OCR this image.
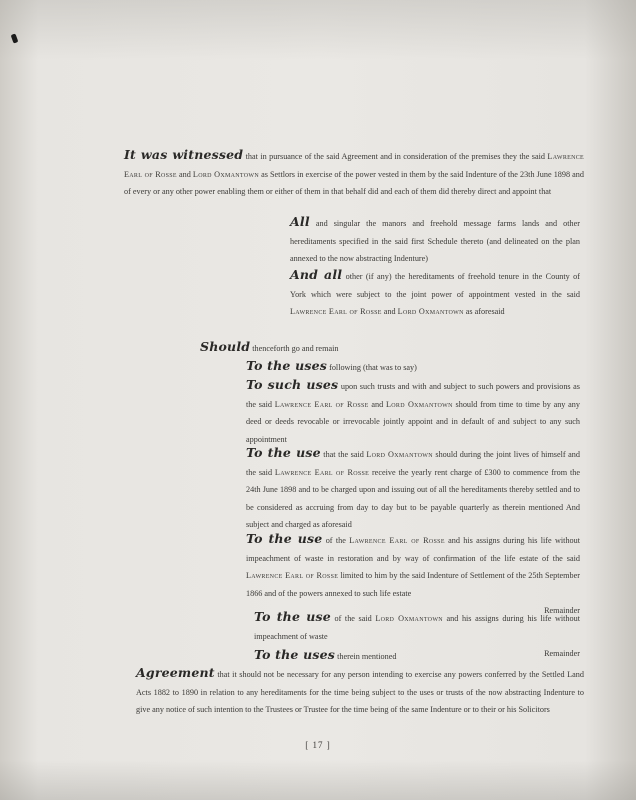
It was witnessed that in pursuance of the said Agreement and in consideration of the premises they the said Lawrence Earl of Rosse and Lord Oxmantown as Settlors in exercise of the power vested in them by the said Indenture of the 23th June 1898 and of every or any other power enabling them or either of them in that behalf did and each of them did thereby direct and appoint that

All and singular the manors and freehold message farms lands and other hereditaments specified in the said first Schedule thereto (and delineated on the plan annexed to the now abstracting Indenture)

And all other (if any) the hereditaments of freehold tenure in the County of York which were subject to the joint power of appointment vested in the said Lawrence Earl of Rosse and Lord Oxmantown as aforesaid

Should thenceforth go and remain

To the uses following (that was to say)

To such uses upon such trusts and with and subject to such powers and provisions as the said Lawrence Earl of Rosse and Lord Oxmantown should from time to time by any any deed or deeds revocable or irrevocable jointly appoint and in default of and subject to any such appointment

To the use that the said Lord Oxmantown should during the joint lives of himself and the said Lawrence Earl of Rosse receive the yearly rent charge of £300 to commence from the 24th June 1898 and to be charged upon and issuing out of all the hereditaments thereby settled and to be considered as accruing from day to day but to be payable quarterly as therein mentioned And subject and charged as aforesaid

To the use of the Lawrence Earl of Rosse and his assigns during his life without impeachment of waste in restoration and by way of confirmation of the life estate of the said Lawrence Earl of Rosse limited to him by the said Indenture of Settlement of the 25th September 1866 and of the powers annexed to such life estate

Remainder

To the use of the said Lord Oxmantown and his assigns during his life without impeachment of waste

Remainder

To the uses therein mentioned

Agreement that it should not be necessary for any person intending to exercise any powers conferred by the Settled Land Acts 1882 to 1890 in relation to any hereditaments for the time being subject to the uses or trusts of the now abstracting Indenture to give any notice of such intention to the Trustees or Trustee for the time being of the same Indenture or to their or his Solicitors

[ 17 ]
